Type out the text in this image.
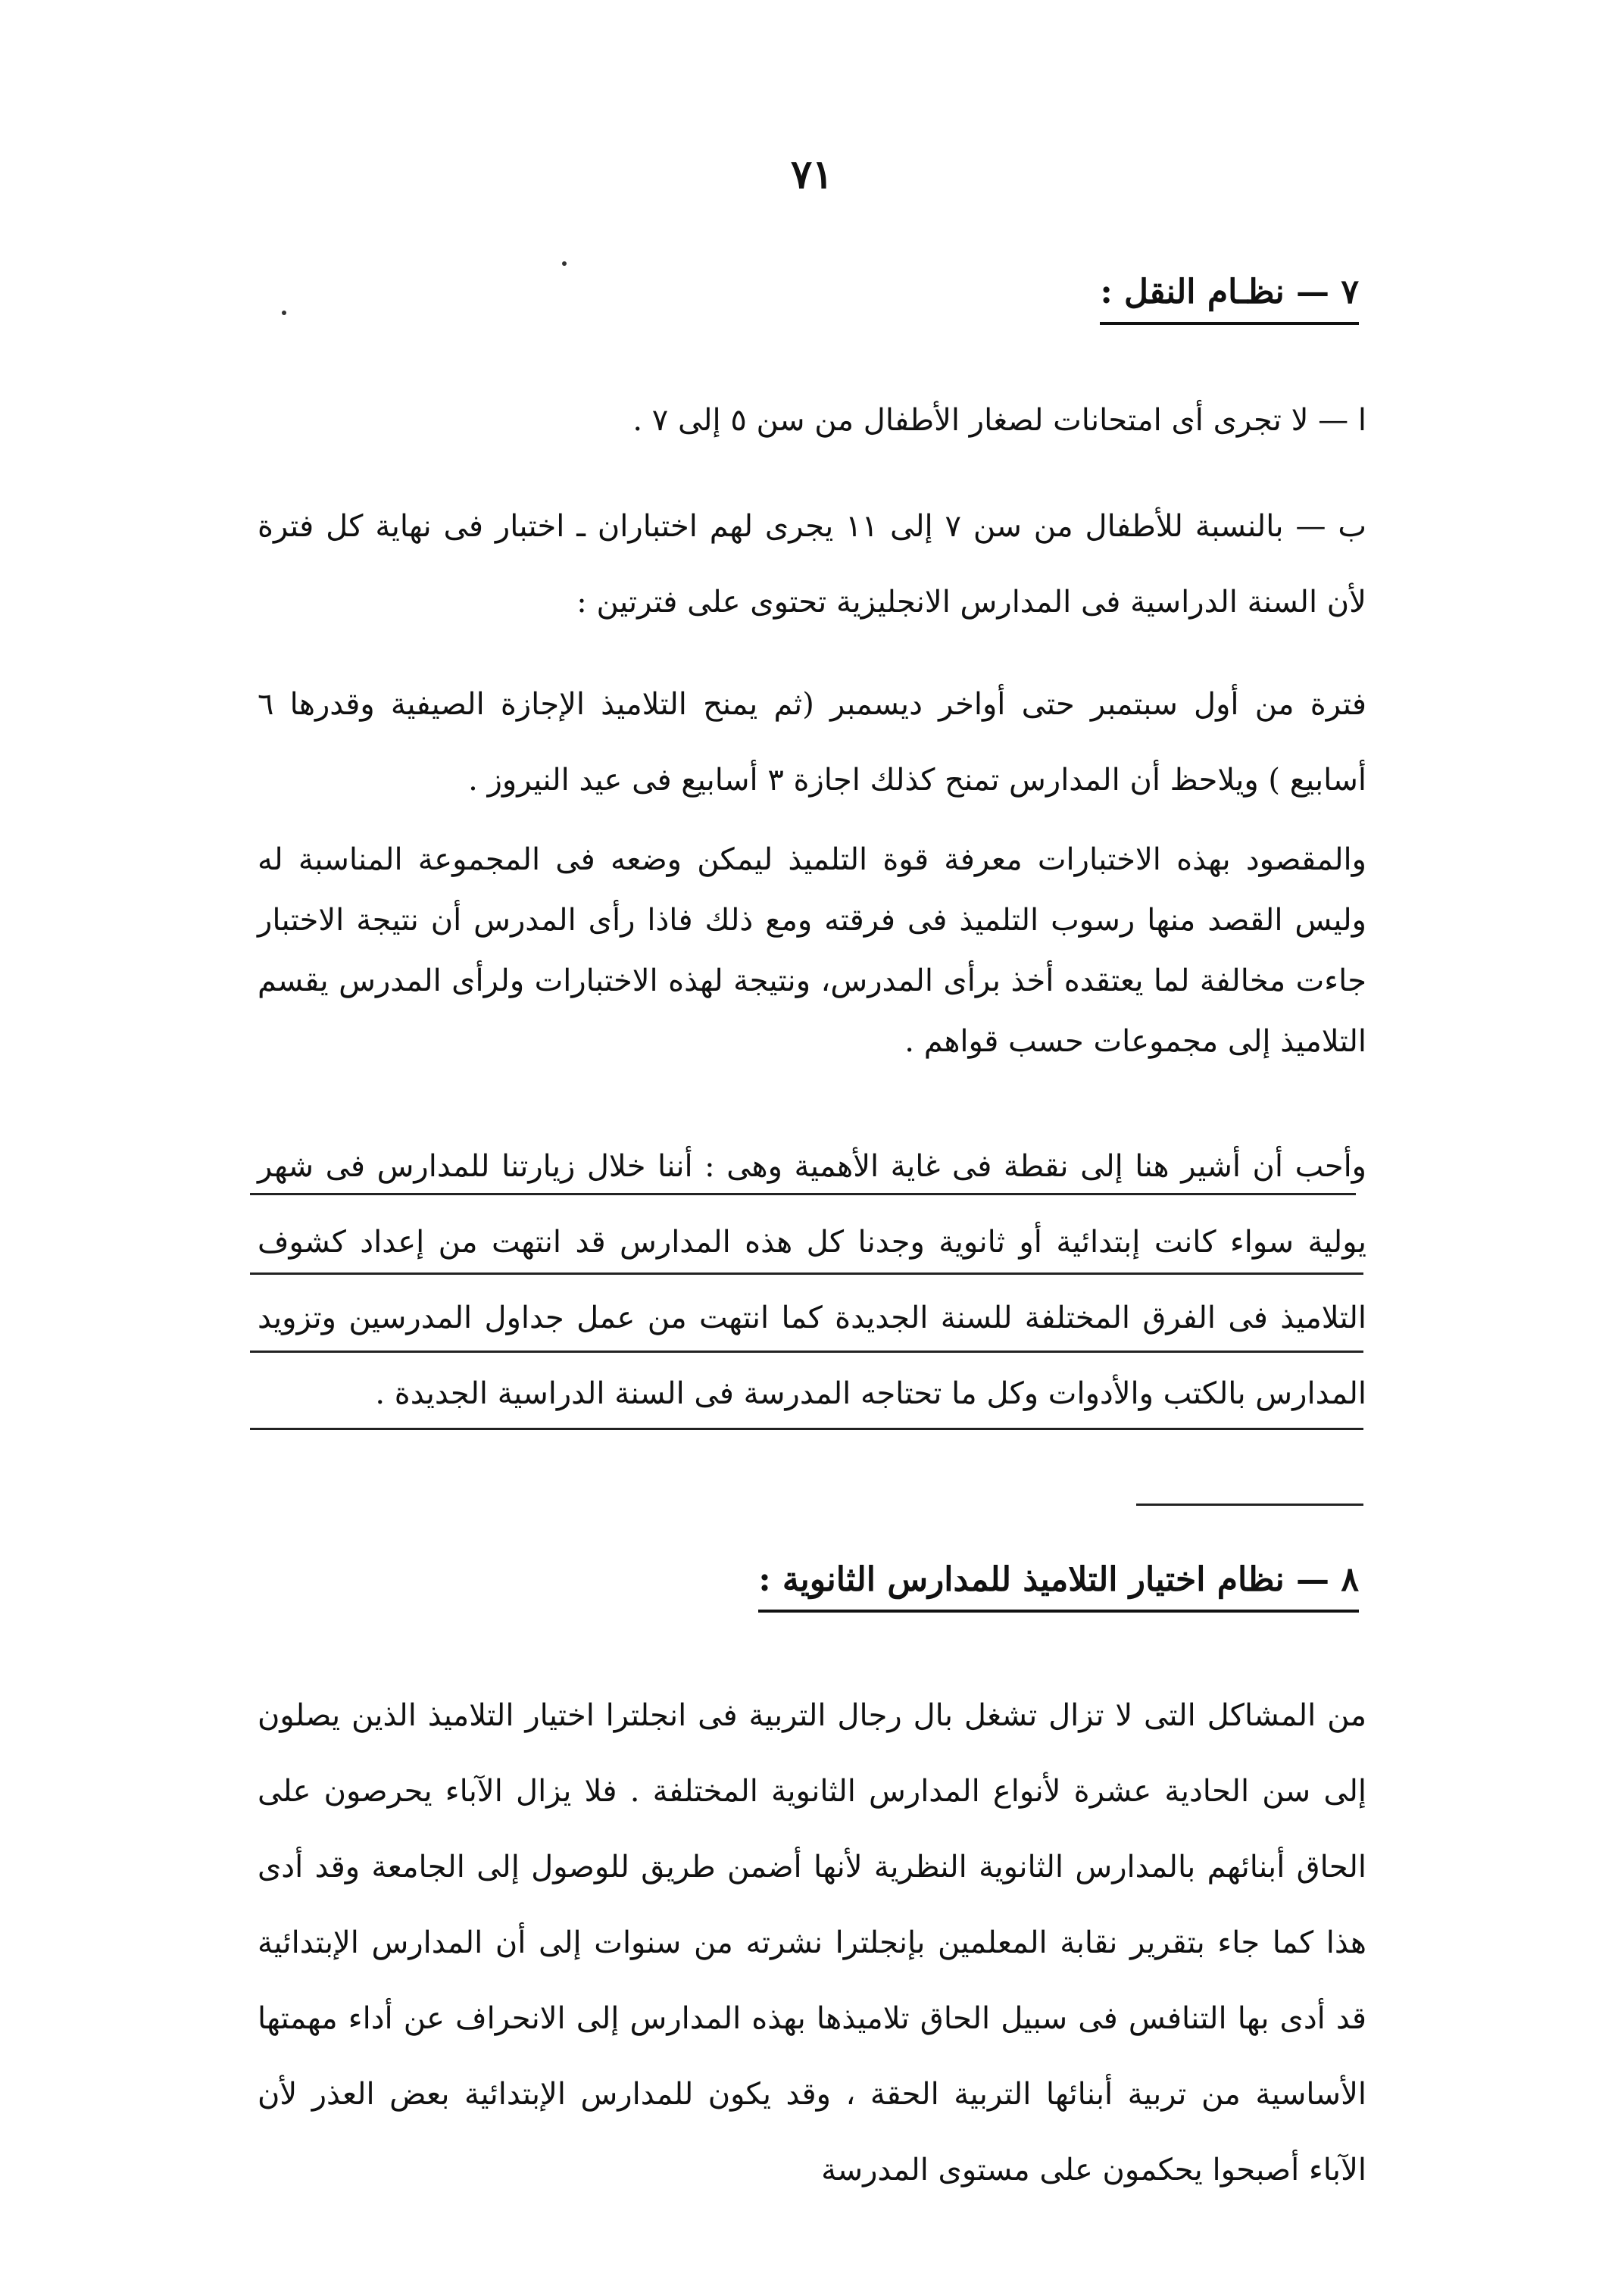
٧١
٧ — نظـام النقل :

ا — لا تجرى أى امتحانات لصغار الأطفال من سن ٥ إلى ٧ .

ب — بالنسبة للأطفال من سن ٧ إلى ١١ يجرى لهم اختباران ـ اختبار فى نهاية كل فترة لأن السنة الدراسية فى المدارس الانجليزية تحتوى على فترتين :

فترة من أول سبتمبر حتى أواخر ديسمبر (ثم يمنح التلاميذ الإجازة الصيفية وقدرها ٦ أسابيع ) ويلاحظ أن المدارس تمنح كذلك اجازة ٣ أسابيع فى عيد النيروز .

والمقصود بهذه الاختبارات معرفة قوة التلميذ ليمكن وضعه فى المجموعة المناسبة له وليس القصد منها رسوب التلميذ فى فرقته ومع ذلك فاذا رأى المدرس أن نتيجة الاختبار جاءت مخالفة لما يعتقده أخذ برأى المدرس، ونتيجة لهذه الاختبارات ولرأى المدرس يقسم التلاميذ إلى مجموعات حسب قواهم .

وأحب أن أشير هنا إلى نقطة فى غاية الأهمية وهى : أننا خلال زيارتنا للمدارس فى شهر يولية سواء كانت إبتدائية أو ثانوية وجدنا كل هذه المدارس قد انتهت من إعداد كشوف التلاميذ فى الفرق المختلفة للسنة الجديدة كما انتهت من عمل جداول المدرسين وتزويد المدارس بالكتب والأدوات وكل ما تحتاجه المدرسة فى السنة الدراسية الجديدة .

٨ — نظام اختيار التلاميذ للمدارس الثانوية :

من المشاكل التى لا تزال تشغل بال رجال التربية فى انجلترا اختيار التلاميذ الذين يصلون إلى سن الحادية عشرة لأنواع المدارس الثانوية المختلفة . فلا يزال الآباء يحرصون على الحاق أبنائهم بالمدارس الثانوية النظرية لأنها أضمن طريق للوصول إلى الجامعة وقد أدى هذا كما جاء بتقرير نقابة المعلمين بإنجلترا نشرته من سنوات إلى أن المدارس الإبتدائية قد أدى بها التنافس فى سبيل الحاق تلاميذها بهذه المدارس إلى الانحراف عن أداء مهمتها الأساسية من تربية أبنائها التربية الحقة ، وقد يكون للمدارس الإبتدائية بعض العذر لأن الآباء أصبحوا يحكمون على مستوى المدرسة
